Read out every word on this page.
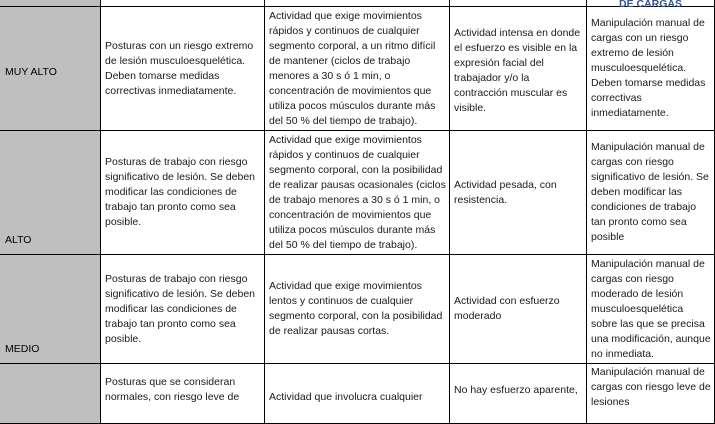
DE CARGAS
MUY ALTO
Posturas con un riesgo extremo de lesión musculoesquelética. Deben tomarse medidas correctivas inmediatamente.
Actividad que exige movimientos rápidos y continuos de cualquier segmento corporal, a un ritmo difícil de mantener (ciclos de trabajo menores a 30 s ó 1 min, o concentración de movimientos que utiliza pocos músculos durante más del 50 % del tiempo de trabajo).
Actividad intensa en donde el esfuerzo es visible en la expresión facial del trabajador y/o la contracción muscular es visible.
Manipulación manual de cargas con un riesgo extremo de lesión musculoesquelética. Deben tomarse medidas correctivas inmediatamente.
ALTO
Posturas de trabajo con riesgo significativo de lesión. Se deben modificar las condiciones de trabajo tan pronto como sea posible.
Actividad que exige movimientos rápidos y continuos de cualquier segmento corporal, con la posibilidad de realizar pausas ocasionales (ciclos de trabajo menores a 30 s ó 1 min, o concentración de movimientos que utiliza pocos músculos durante más del 50 % del tiempo de trabajo).
Actividad pesada, con resistencia.
Manipulación manual de cargas con riesgo significativo de lesión. Se deben modificar las condiciones de trabajo tan pronto como sea posible
MEDIO
Posturas de trabajo con riesgo significativo de lesión. Se deben modificar las condiciones de trabajo tan pronto como sea posible.
Actividad que exige movimientos lentos y continuos de cualquier segmento corporal, con la posibilidad de realizar pausas cortas.
Actividad con esfuerzo moderado
Manipulación manual de cargas con riesgo moderado de lesión musculoesquelética sobre las que se precisa una modificación, aunque no inmediata.
Posturas que se consideran normales, con riesgo leve de	Actividad que involucra cualquier
No hay esfuerzo aparente,
Manipulación manual de cargas con riesgo leve de lesiones
